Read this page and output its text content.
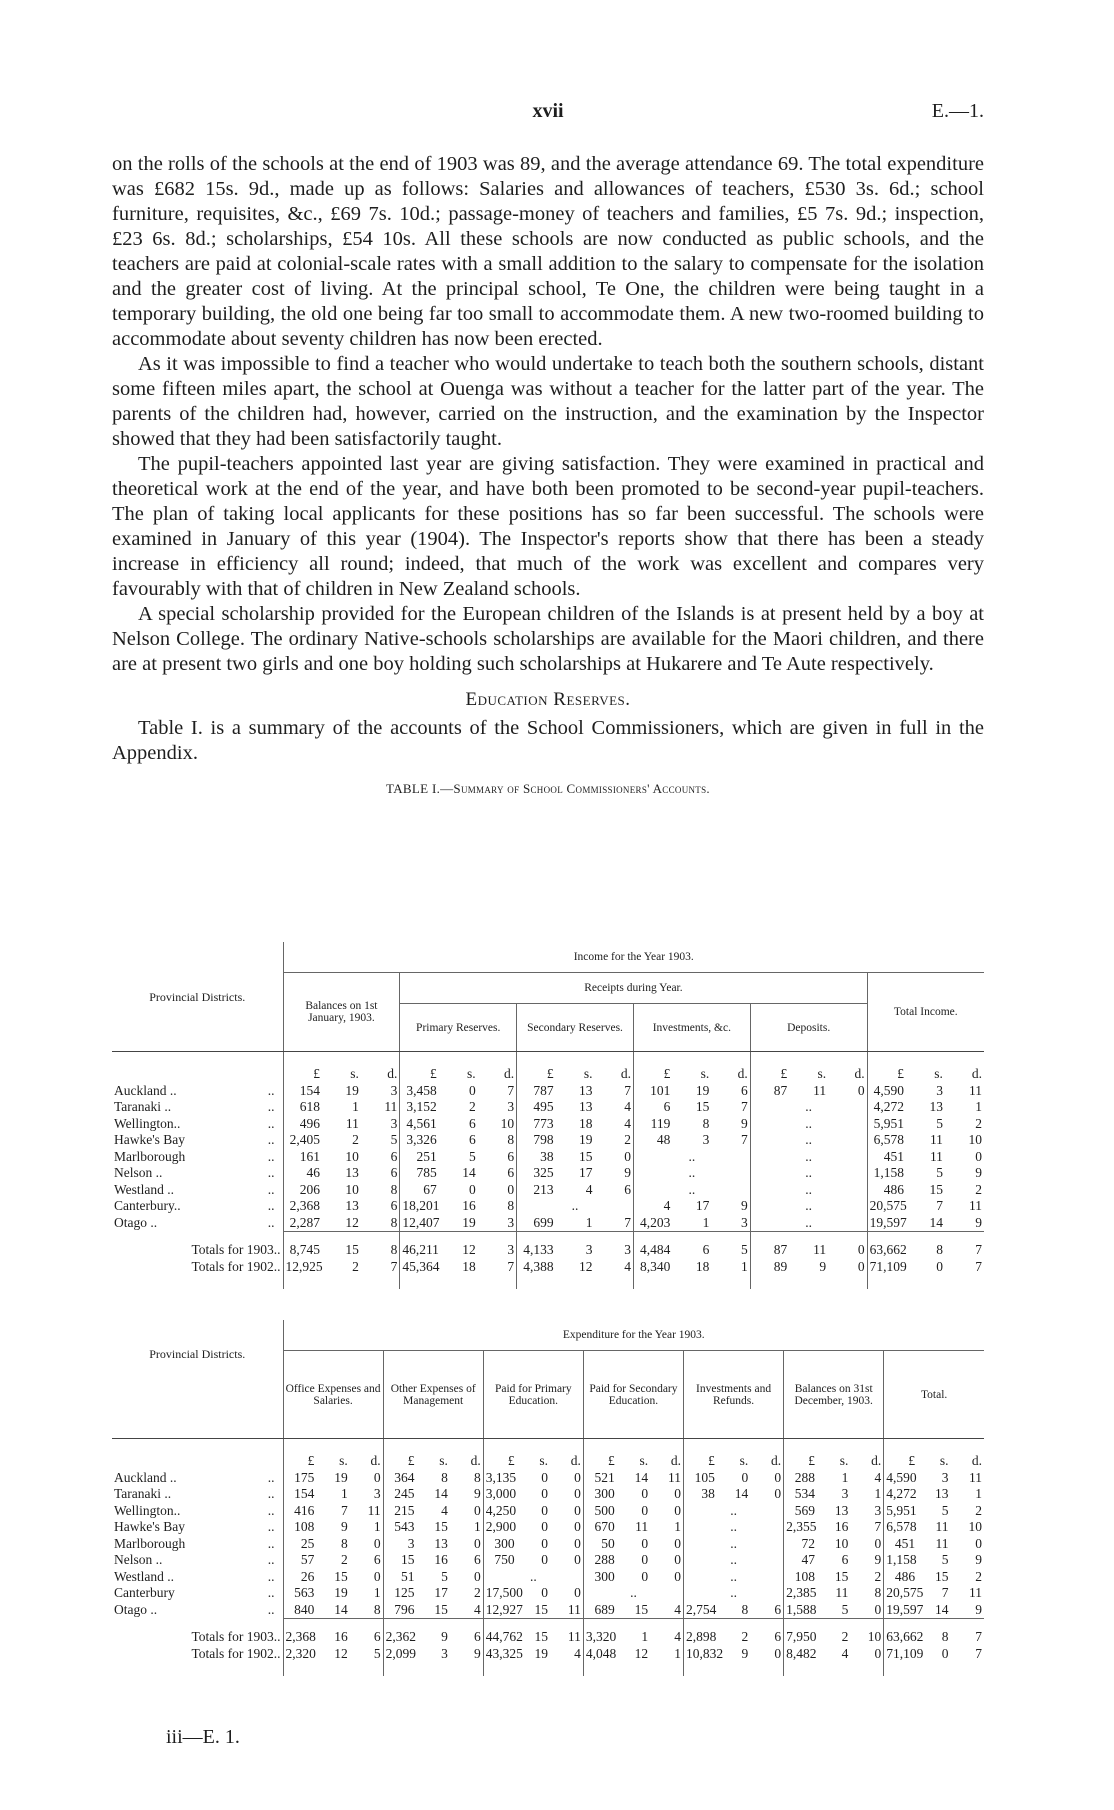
xvii	E.—1.

on the rolls of the schools at the end of 1903 was 89, and the average attendance 69. The total expenditure was £682 15s. 9d., made up as follows: Salaries and allowances of teachers, £530 3s. 6d.; school furniture, requisites, &c., £69 7s. 10d.; passage-money of teachers and families, £5 7s. 9d.; inspection, £23 6s. 8d.; scholarships, £54 10s. All these schools are now conducted as public schools, and the teachers are paid at colonial-scale rates with a small addition to the salary to compensate for the isolation and the greater cost of living. At the principal school, Te One, the children were being taught in a temporary building, the old one being far too small to accommodate them. A new two-roomed building to accommodate about seventy children has now been erected.

As it was impossible to find a teacher who would undertake to teach both the southern schools, distant some fifteen miles apart, the school at Ouenga was without a teacher for the latter part of the year. The parents of the children had, however, carried on the instruction, and the examination by the Inspector showed that they had been satisfactorily taught.

The pupil-teachers appointed last year are giving satisfaction. They were examined in practical and theoretical work at the end of the year, and have both been promoted to be second-year pupil-teachers. The plan of taking local applicants for these positions has so far been successful. The schools were examined in January of this year (1904). The Inspector's reports show that there has been a steady increase in efficiency all round; indeed, that much of the work was excellent and compares very favourably with that of children in New Zealand schools.

A special scholarship provided for the European children of the Islands is at present held by a boy at Nelson College. The ordinary Native-schools scholarships are available for the Maori children, and there are at present two girls and one boy holding such scholarships at Hukarere and Te Aute respectively.

Education Reserves.

Table I. is a summary of the accounts of the School Commissioners, which are given in full in the Appendix.

TABLE I.—Summary of School Commissioners' Accounts.
Provincial Districts.	Income for the Year 1903.																	
	Balances on 1st January, 1903.			Receipts during Year.												Total Income.		
				Primary Reserves.			Secondary Reserves.			Investments, &c.			Deposits.					
	£	s.	d.	£	s.	d.	£	s.	d.	£	s.	d.	£	s.	d.	£	s.	d.
Auckland .. ..	154	19	3	3,458	0	7	787	13	7	101	19	6	87	11	0	4,590	3	11
Taranaki .. ..	618	1	11	3,152	2	3	495	13	4	6	15	7	..			4,272	13	1
Wellington.. ..	496	11	3	4,561	6	10	773	18	4	119	8	9	..			5,951	5	2
Hawke's Bay ..	2,405	2	5	3,326	6	8	798	19	2	48	3	7	..			6,578	11	10
Marlborough ..	161	10	6	251	5	6	38	15	0	..			..			451	11	0
Nelson .. ..	46	13	6	785	14	6	325	17	9	..			..			1,158	5	9
Westland .. ..	206	10	8	67	0	0	213	4	6	..			..			486	15	2
Canterbury.. ..	2,368	13	6	18,201	16	8	..			4	17	9	..			20,575	7	11
Otago .. ..	2,287	12	8	12,407	19	3	699	1	7	4,203	1	3	..			19,597	14	9
Totals for 1903..	8,745	15	8	46,211	12	3	4,133	3	3	4,484	6	5	87	11	0	63,662	8	7
Totals for 1902..	12,925	2	7	45,364	18	7	4,388	12	4	8,340	18	1	89	9	0	71,109	0	7
Provincial Districts.	Expenditure for the Year 1903.																				
	Office Expenses and Salaries.			Other Expenses of Management			Paid for Primary Education.			Paid for Secondary Education.			Investments and Refunds.			Balances on 31st December, 1903.			Total.		
	£	s.	d.	£	s.	d.	£	s.	d.	£	s.	d.	£	s.	d.	£	s.	d.	£	s.	d.
Auckland .. ..	175	19	0	364	8	8	3,135	0	0	521	14	11	105	0	0	288	1	4	4,590	3	11
Taranaki .. ..	154	1	3	245	14	9	3,000	0	0	300	0	0	38	14	0	534	3	1	4,272	13	1
Wellington.. ..	416	7	11	215	4	0	4,250	0	0	500	0	0	..			569	13	3	5,951	5	2
Hawke's Bay ..	108	9	1	543	15	1	2,900	0	0	670	11	1	..			2,355	16	7	6,578	11	10
Marlborough ..	25	8	0	3	13	0	300	0	0	50	0	0	..			72	10	0	451	11	0
Nelson .. ..	57	2	6	15	16	6	750	0	0	288	0	0	..			47	6	9	1,158	5	9
Westland .. ..	26	15	0	51	5	0	..			300	0	0	..			108	15	2	486	15	2
Canterbury ..	563	19	1	125	17	2	17,500	0	0	..			..			2,385	11	8	20,575	7	11
Otago .. ..	840	14	8	796	15	4	12,927	15	11	689	15	4	2,754	8	6	1,588	5	0	19,597	14	9
Totals for 1903..	2,368	16	6	2,362	9	6	44,762	15	11	3,320	1	4	2,898	2	6	7,950	2	10	63,662	8	7
Totals for 1902..	2,320	12	5	2,099	3	9	43,325	19	4	4,048	12	1	10,832	9	0	8,482	4	0	71,109	0	7
iii—E. 1.
